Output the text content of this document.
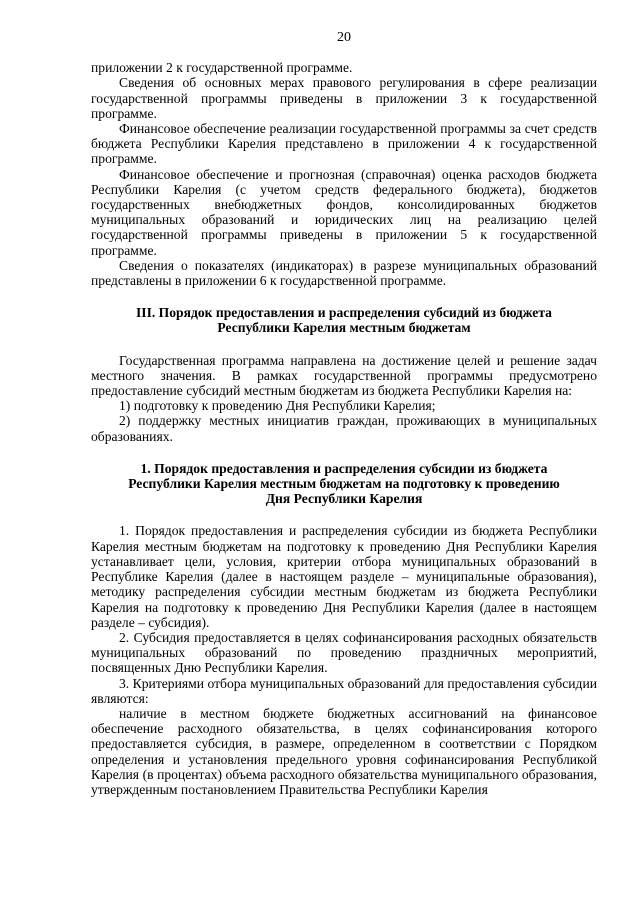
20

приложении 2 к государственной программе.

Сведения об основных мерах правового регулирования в сфере реализации государственной программы приведены в приложении 3 к государственной программе.

Финансовое обеспечение реализации государственной программы за счет средств бюджета Республики Карелия представлено в приложении 4 к государственной программе.

Финансовое обеспечение и прогнозная (справочная) оценка расходов бюджета Республики Карелия (с учетом средств федерального бюджета), бюджетов государственных внебюджетных фондов, консолидированных бюджетов муниципальных образований и юридических лиц на реализацию целей государственной программы приведены в приложении 5 к государственной программе.

Сведения о показателях (индикаторах) в разрезе муниципальных образований представлены в приложении 6 к государственной программе.

III. Порядок предоставления и распределения субсидий из бюджета

Республики Карелия местным бюджетам

Государственная программа направлена на достижение целей и решение задач местного значения. В рамках государственной программы предусмотрено предоставление субсидий местным бюджетам из бюджета Республики Карелия на:

1) подготовку к проведению Дня Республики Карелия;

2) поддержку местных инициатив граждан, проживающих в муниципальных образованиях.

1. Порядок предоставления и распределения субсидии из бюджета

Республики Карелия местным бюджетам на подготовку к проведению

Дня Республики Карелия

1. Порядок предоставления и распределения субсидии из бюджета Республики Карелия местным бюджетам на подготовку к проведению Дня Республики Карелия устанавливает цели, условия, критерии отбора муниципальных образований в Республике Карелия (далее в настоящем разделе – муниципальные образования), методику распределения субсидии местным бюджетам из бюджета Республики Карелия на подготовку к проведению Дня Республики Карелия (далее в настоящем разделе – субсидия).

2. Субсидия предоставляется в целях софинансирования расходных обязательств муниципальных образований по проведению праздничных мероприятий, посвященных Дню Республики Карелия.

3. Критериями отбора муниципальных образований для предоставления субсидии являются:

наличие в местном бюджете бюджетных ассигнований на финансовое обеспечение расходного обязательства, в целях софинансирования которого предоставляется субсидия, в размере, определенном в соответствии с Порядком определения и установления предельного уровня софинансирования Республикой Карелия (в процентах) объема расходного обязательства муниципального образования, утвержденным постановлением Правительства Республики Карелия
